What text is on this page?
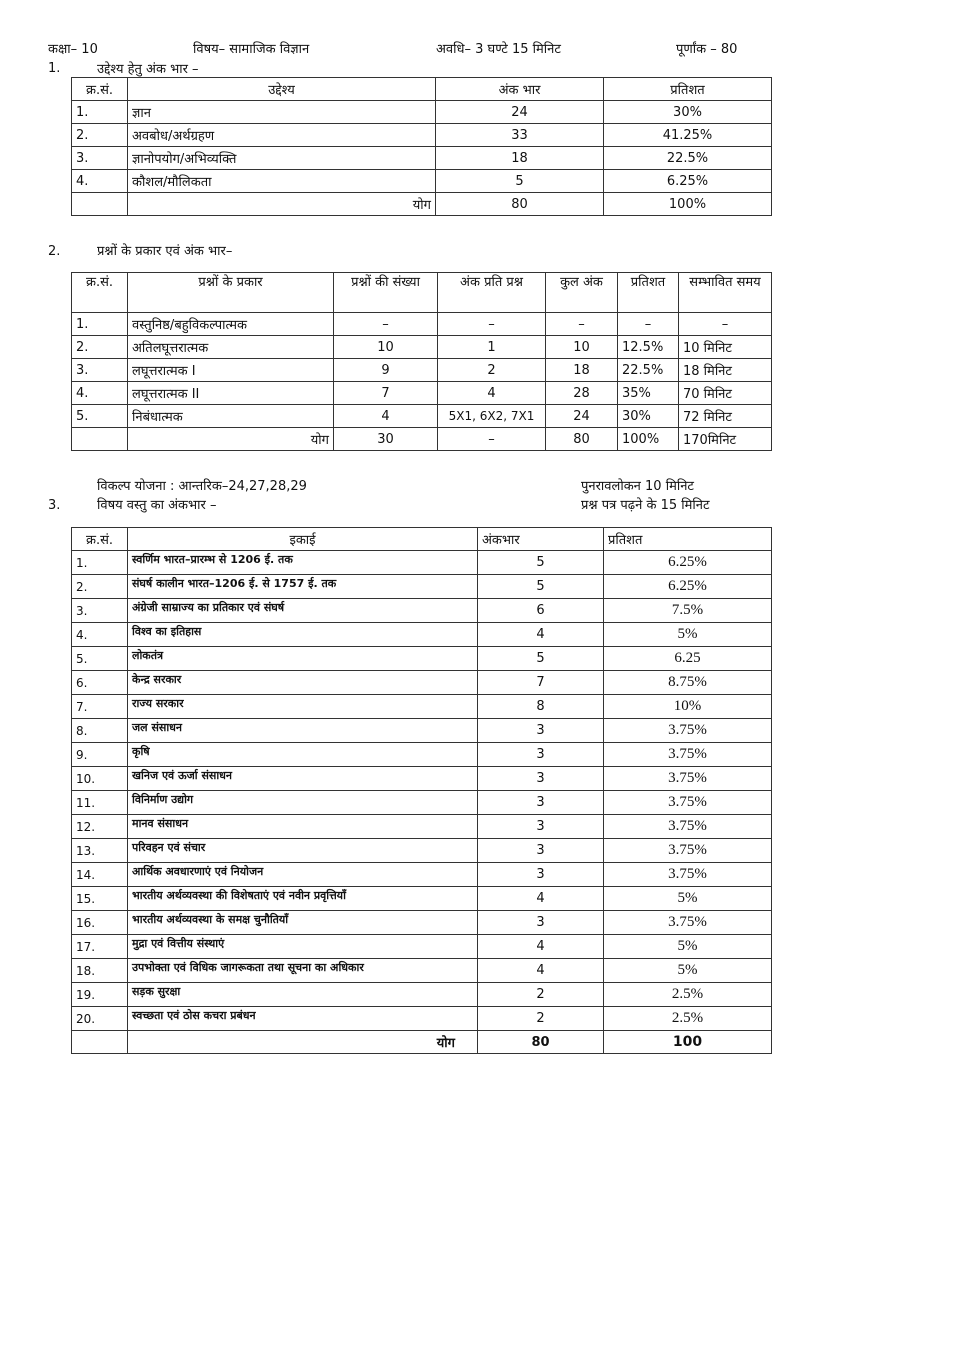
कक्षा– 10	विषय– सामाजिक विज्ञान	अवधि– 3 घण्टे 15 मिनिट	पूर्णांक – 80
1.	उद्देश्य हेतु अंक भार –
क्र.सं.	उद्देश्य	अंक भार	प्रतिशत
1.	ज्ञान	24	30%
2.	अवबोध/अर्थग्रहण	33	41.25%
3.	ज्ञानोपयोग/अभिव्यक्ति	18	22.5%
4.	कौशल/मौलिकता	5	6.25%
	योग	80	100%
2.	प्रश्नों के प्रकार एवं अंक भार–
क्र.सं.	प्रश्नों के प्रकार	प्रश्नों की संख्या	अंक प्रति प्रश्न	कुल अंक	प्रतिशत	सम्भावित समय
1.	वस्तुनिष्ठ/बहुविकल्पात्मक	–	–	–	–	–
2.	अतिलघूत्तरात्मक	10	1	10	12.5%	10 मिनिट
3.	लघूत्तरात्मक I	9	2	18	22.5%	18 मिनिट
4.	लघूत्तरात्मक II	7	4	28	35%	70 मिनिट
5.	निबंधात्मक	4	5X1, 6X2, 7X1	24	30%	72 मिनिट
	योग	30	–	80	100%	170मिनिट
विकल्प योजना : आन्तरिक–24,27,28,29	पुनरावलोकन 10 मिनिट
प्रश्न पत्र पढ़ने के 15 मिनिट
3.	विषय वस्तु का अंकभार –
क्र.सं.	इकाई	अंकभार	प्रतिशत
1.	स्वर्णिम भारत–प्रारम्भ से 1206 ई. तक	5	6.25%
2.	संघर्ष कालीन भारत–1206 ई. से 1757 ई. तक	5	6.25%
3.	अंग्रेजी साम्राज्य का प्रतिकार एवं संघर्ष	6	7.5%
4.	विश्व का इतिहास	4	5%
5.	लोकतंत्र	5	6.25
6.	केन्द्र सरकार	7	8.75%
7.	राज्य सरकार	8	10%
8.	जल संसाधन	3	3.75%
9.	कृषि	3	3.75%
10.	खनिज एवं ऊर्जा संसाधन	3	3.75%
11.	विनिर्माण उद्योग	3	3.75%
12.	मानव संसाधन	3	3.75%
13.	परिवहन एवं संचार	3	3.75%
14.	आर्थिक अवधारणाएं एवं नियोजन	3	3.75%
15.	भारतीय अर्थव्यवस्था की विशेषताएं एवं नवीन प्रवृत्तियाँ	4	5%
16.	भारतीय अर्थव्यवस्था के समक्ष चुनौतियाँ	3	3.75%
17.	मुद्रा एवं वित्तीय संस्थाएं	4	5%
18.	उपभोक्ता एवं विधिक जागरूकता तथा सूचना का अधिकार	4	5%
19.	सड़क सुरक्षा	2	2.5%
20.	स्वच्छता एवं ठोस कचरा प्रबंधन	2	2.5%
	योग	80	100
